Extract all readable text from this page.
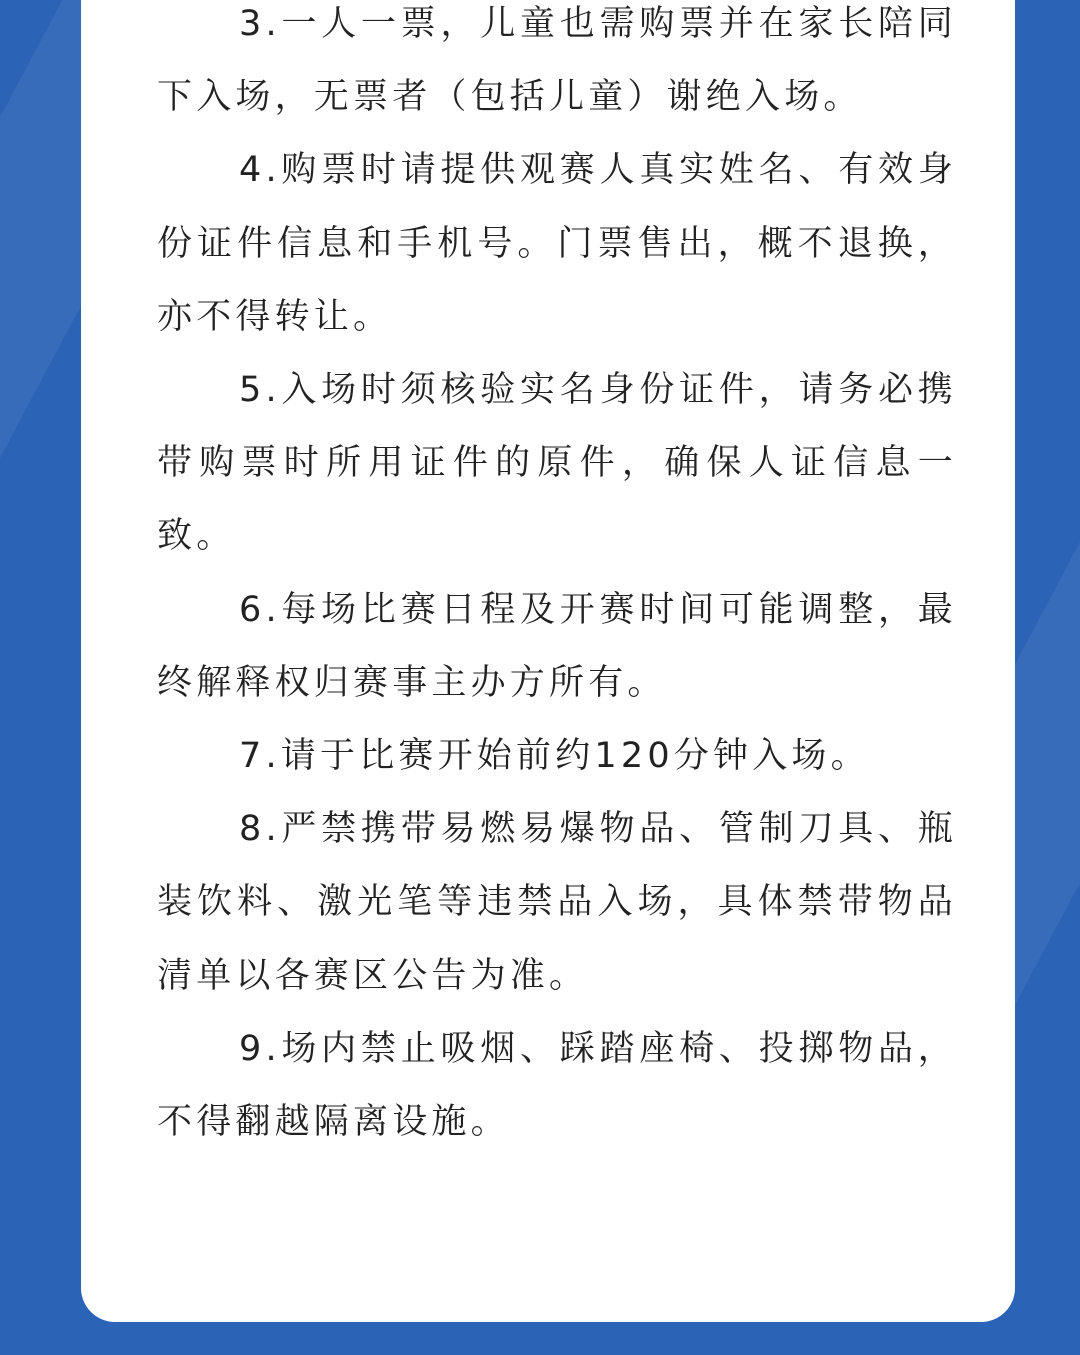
3.一人一票，儿童也需购票并在家长陪同下入场，无票者（包括儿童）谢绝入场。
4.购票时请提供观赛人真实姓名、有效身份证件信息和手机号。门票售出，概不退换，亦不得转让。
5.入场时须核验实名身份证件，请务必携带购票时所用证件的原件，确保人证信息一致。
6.每场比赛日程及开赛时间可能调整，最终解释权归赛事主办方所有。
7.请于比赛开始前约120分钟入场。
8.严禁携带易燃易爆物品、管制刀具、瓶装饮料、激光笔等违禁品入场，具体禁带物品清单以各赛区公告为准。
9.场内禁止吸烟、踩踏座椅、投掷物品，不得翻越隔离设施。
